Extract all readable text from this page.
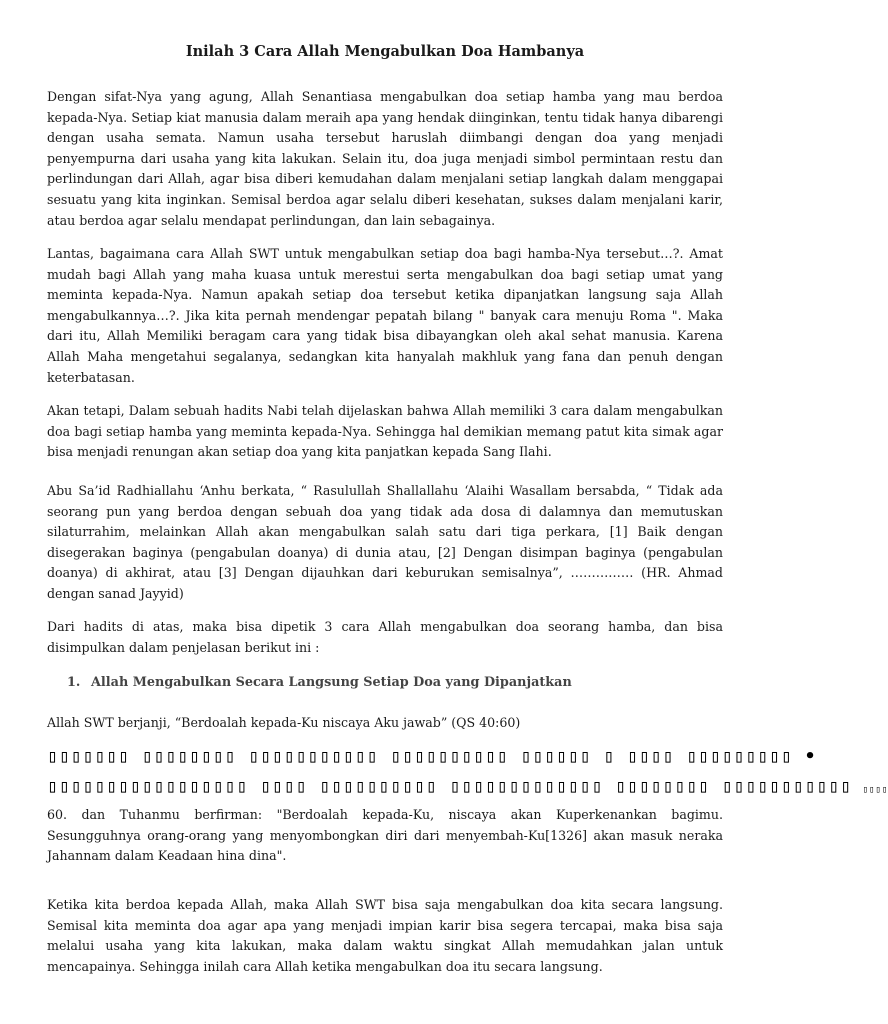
Inilah 3 Cara Allah Mengabulkan Doa Hambanya

Dengan sifat-Nya yang agung, Allah Senantiasa mengabulkan doa setiap hamba yang mau berdoa kepada-Nya. Setiap kiat manusia dalam meraih apa yang hendak diinginkan, tentu tidak hanya dibarengi dengan usaha semata. Namun usaha tersebut haruslah diimbangi dengan doa yang menjadi penyempurna dari usaha yang kita lakukan. Selain itu, doa juga menjadi simbol permintaan restu dan perlindungan dari Allah, agar bisa diberi kemudahan dalam menjalani setiap langkah dalam menggapai sesuatu yang kita inginkan. Semisal berdoa agar selalu diberi kesehatan, sukses dalam menjalani karir, atau berdoa agar selalu mendapat perlindungan, dan lain sebagainya.

Lantas, bagaimana cara Allah SWT untuk mengabulkan setiap doa bagi hamba-Nya tersebut…?. Amat mudah bagi Allah yang maha kuasa untuk merestui serta mengabulkan doa bagi setiap umat yang meminta kepada-Nya. Namun apakah setiap doa tersebut ketika dipanjatkan langsung saja Allah mengabulkannya…?. Jika kita pernah mendengar pepatah bilang " banyak cara menuju Roma ". Maka dari itu, Allah Memiliki beragam cara yang tidak bisa dibayangkan oleh akal sehat manusia. Karena Allah Maha mengetahui segalanya, sedangkan kita hanyalah makhluk yang fana dan penuh dengan keterbatasan.

Akan tetapi, Dalam sebuah hadits Nabi telah dijelaskan bahwa Allah memiliki 3 cara dalam mengabulkan doa bagi setiap hamba yang meminta kepada-Nya. Sehingga hal demikian memang patut kita simak agar bisa menjadi renungan akan setiap doa yang kita panjatkan kepada Sang Ilahi.

Abu Sa’id Radhiallahu ‘Anhu berkata, “ Rasulullah Shallallahu ‘Alaihi Wasallam bersabda, “ Tidak ada seorang pun yang berdoa dengan sebuah doa yang tidak ada dosa di dalamnya dan memutuskan silaturrahim, melainkan Allah akan mengabulkan salah satu dari tiga perkara, [1] Baik dengan disegerakan baginya (pengabulan doanya) di dunia atau, [2] Dengan disimpan baginya (pengabulan doanya) di akhirat, atau [3] Dengan dijauhkan dari keburukan semisalnya”, …………… (HR. Ahmad dengan sanad Jayyid)

Dari hadits di atas, maka bisa dipetik 3 cara Allah mengabulkan doa seorang hamba, dan bisa disimpulkan dalam penjelasan berikut ini :

1. Allah Mengabulkan Secara Langsung Setiap Doa yang Dipanjatkan

Allah SWT berjanji, “Berdoalah kepada-Ku niscaya Aku jawab” (QS 40:60)

▯▯▯▯▯▯▯ ▯▯▯▯▯▯▯▯ ▯▯▯▯▯▯▯▯▯▯▯ ▯▯▯▯▯▯▯▯▯▯ ▯▯▯▯▯▯ ▯ ▯▯▯▯ ▯▯▯▯▯▯▯▯▯ •
▯▯▯▯▯▯▯▯▯▯▯▯▯▯▯▯▯ ▯▯▯▯ ▯▯▯▯▯▯▯▯▯▯ ▯▯▯▯▯▯▯▯▯▯▯▯▯ ▯▯▯▯▯▯▯▯ ▯▯▯▯▯▯▯▯▯▯▯ ▯▯▯▯

60. dan Tuhanmu berfirman: "Berdoalah kepada-Ku, niscaya akan Kuperkenankan bagimu. Sesungguhnya orang-orang yang menyombongkan diri dari menyembah-Ku[1326] akan masuk neraka Jahannam dalam Keadaan hina dina".

Ketika kita berdoa kepada Allah, maka Allah SWT bisa saja mengabulkan doa kita secara langsung. Semisal kita meminta doa agar apa yang menjadi impian karir bisa segera tercapai, maka bisa saja melalui usaha yang kita lakukan, maka dalam waktu singkat Allah memudahkan jalan untuk mencapainya. Sehingga inilah cara Allah ketika mengabulkan doa itu secara langsung.
